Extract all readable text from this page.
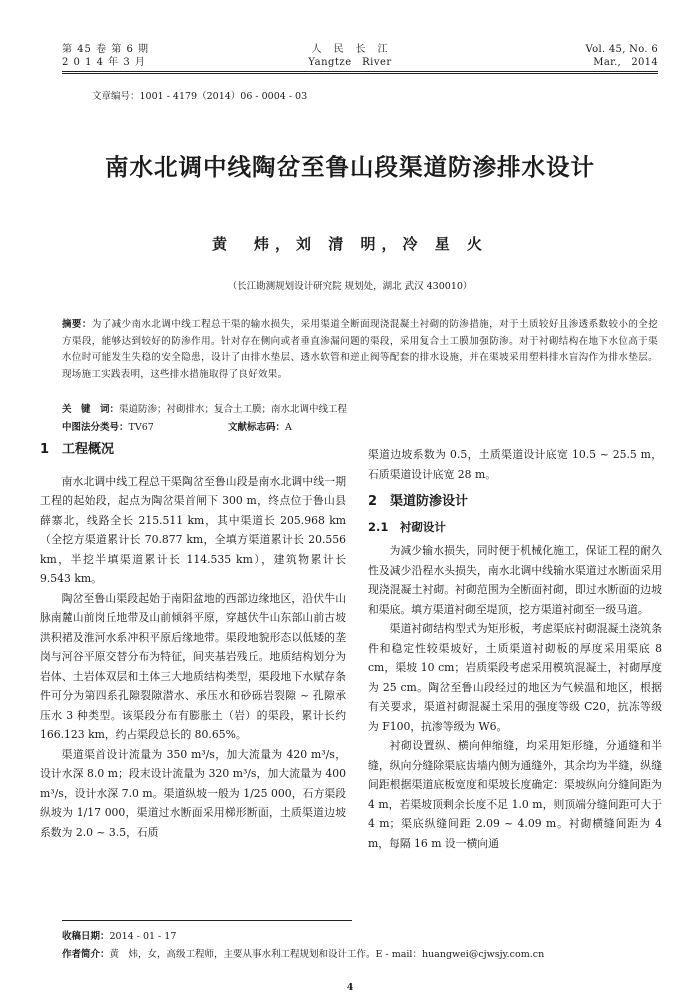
第 45 卷 第 6 期
2 0 1 4 年 3 月
人　民　长　江
Yangtze　River
Vol. 45, No. 6
Mar.,　2014
文章编号：1001 - 4179（2014）06 - 0004 - 03
南水北调中线陶岔至鲁山段渠道防渗排水设计
黄　炜，刘 清 明，冷 星 火
（长江勘测规划设计研究院 规划处，湖北 武汉 430010）
摘要：为了减少南水北调中线工程总干渠的输水损失，采用渠道全断面现浇混凝土衬砌的防渗措施，对于土质较好且渗透系数较小的全挖方渠段，能够达到较好的防渗作用。针对存在侧向或者垂直渗漏问题的渠段，采用复合土工膜加强防渗。对于衬砌结构在地下水位高于渠水位时可能发生失稳的安全隐患，设计了由排水垫层、透水软管和逆止阀等配套的排水设施，并在渠坡采用塑料排水盲沟作为排水垫层。现场施工实践表明，这些排水措施取得了良好效果。
关　键　词：渠道防渗；衬砌排水；复合土工膜；南水北调中线工程
中图法分类号：TV67	文献标志码：A

1　工程概况

南水北调中线工程总干渠陶岔至鲁山段是南水北调中线一期工程的起始段，起点为陶岔渠首闸下 300 m，终点位于鲁山县薛寨北，线路全长 215.511 km，其中渠道长 205.968 km（全挖方渠道累计长 70.877 km，全填方渠道累计长 20.556 km，半挖半填渠道累计长 114.535 km），建筑物累计长 9.543 km。

陶岔至鲁山渠段起始于南阳盆地的西部边缘地区，沿伏牛山脉南麓山前岗丘地带及山前倾斜平原，穿越伏牛山东部山前古坡洪积裙及淮河水系冲积平原后缘地带。渠段地貌形态以低矮的垄岗与河谷平原交替分布为特征，间夹基岩残丘。地质结构划分为岩体、土岩体双层和土体三大地质结构类型，渠段地下水赋存条件可分为第四系孔隙裂隙潜水、承压水和砂砾岩裂隙 ~ 孔隙承压水 3 种类型。该渠段分布有膨胀土（岩）的渠段，累计长约 166.123 km，约占渠段总长的 80.65%。

渠道渠首设计流量为 350 m³/s，加大流量为 420 m³/s，设计水深 8.0 m；段末设计流量为 320 m³/s，加大流量为 400 m³/s，设计水深 7.0 m。渠道纵坡一般为 1/25 000，石方渠段纵坡为 1/17 000，渠道过水断面采用梯形断面，土质渠道边坡系数为 2.0 ~ 3.5，石质

渠道边坡系数为 0.5，土质渠道设计底宽 10.5 ~ 25.5 m，石质渠道设计底宽 28 m。

2　渠道防渗设计

2.1　衬砌设计

为减少输水损失，同时便于机械化施工，保证工程的耐久性及减少沿程水头损失，南水北调中线输水渠道过水断面采用现浇混凝土衬砌。衬砌范围为全断面衬砌，即过水断面的边坡和渠底。填方渠道衬砌至堤顶，挖方渠道衬砌至一级马道。

渠道衬砌结构型式为矩形板，考虑渠底衬砌混凝土浇筑条件和稳定性较渠坡好，土质渠道衬砌板的厚度采用渠底 8 cm，渠坡 10 cm；岩质渠段考虑采用模筑混凝土，衬砌厚度为 25 cm。陶岔至鲁山段经过的地区为气候温和地区，根据有关要求，渠道衬砌混凝土采用的强度等级 C20，抗冻等级为 F100，抗渗等级为 W6。

衬砌设置纵、横向伸缩缝，均采用矩形缝，分通缝和半缝，纵向分缝除渠底齿墙内侧为通缝外，其余均为半缝，纵缝间距根据渠道底板宽度和渠坡长度确定：渠坡纵向分缝间距为 4 m，若渠坡顶剩余长度不足 1.0 m，则顶端分缝间距可大于 4 m；渠底纵缝间距 2.09 ~ 4.09 m。衬砌横缝间距为 4 m，每隔 16 m 设一横向通

收稿日期：2014 - 01 - 17
作者简介：黄　炜，女，高级工程师，主要从事水利工程规划和设计工作。E - mail：huangwei@cjwsjy.com.cn
4
